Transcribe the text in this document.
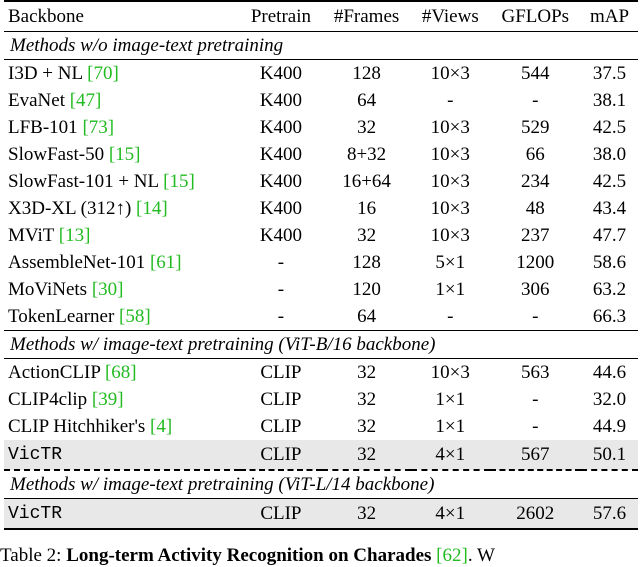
Backbone	Pretrain	#Frames	#Views	GFLOPs	mAP
Methods w/o image-text pretraining					
I3D + NL [70]	K400	128	10×3	544	37.5
EvaNet [47]	K400	64	-	-	38.1
LFB-101 [73]	K400	32	10×3	529	42.5
SlowFast-50 [15]	K400	8+32	10×3	66	38.0
SlowFast-101 + NL [15]	K400	16+64	10×3	234	42.5
X3D-XL (312↑) [14]	K400	16	10×3	48	43.4
MViT [13]	K400	32	10×3	237	47.7
AssembleNet-101 [61]	-	128	5×1	1200	58.6
MoViNets [30]	-	120	1×1	306	63.2
TokenLearner [58]	-	64	-	-	66.3
Methods w/ image-text pretraining (ViT-B/16 backbone)					
ActionCLIP [68]	CLIP	32	10×3	563	44.6
CLIP4clip [39]	CLIP	32	1×1	-	32.0
CLIP Hitchhiker's [4]	CLIP	32	1×1	-	44.9
VicTR	CLIP	32	4×1	567	50.1
Methods w/ image-text pretraining (ViT-L/14 backbone)					
VicTR	CLIP	32	4×1	2602	57.6
Table 2: Long-term Activity Recognition on Charades [62]. W
